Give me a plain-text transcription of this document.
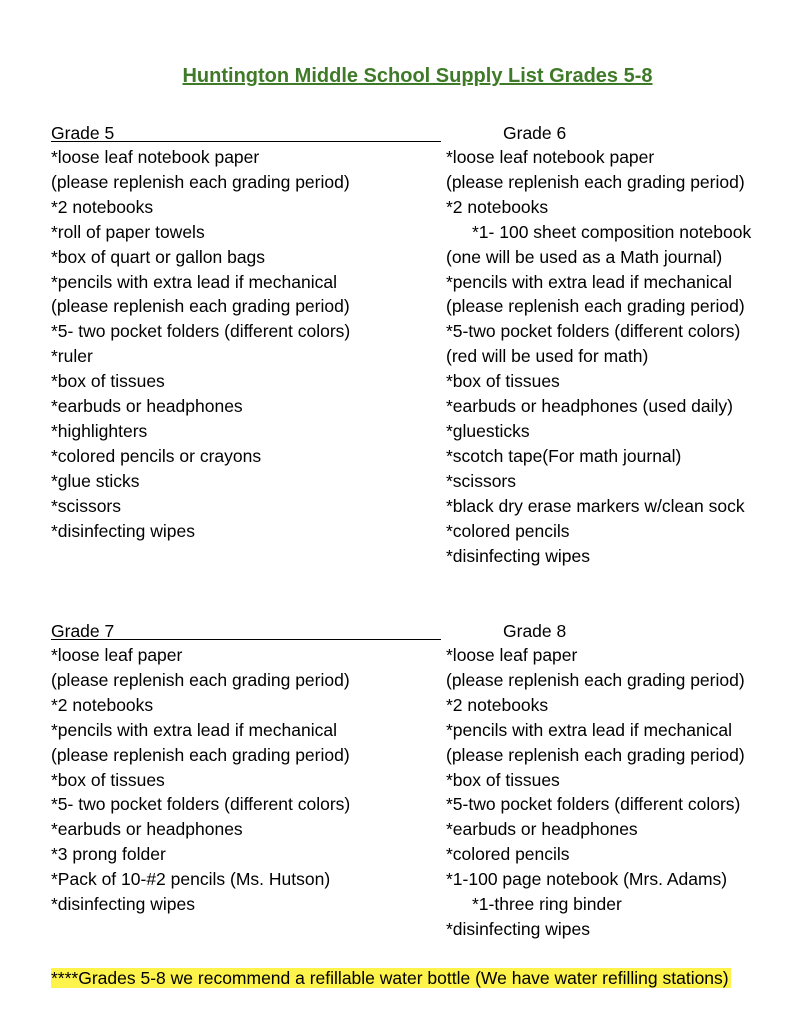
Huntington Middle School Supply List Grades 5-8
Grade 5	Grade 6
*loose leaf notebook paper
(please replenish each grading period)
*2 notebooks
*roll of paper towels
*box of quart or gallon bags
*pencils with extra lead if mechanical
(please replenish each grading period)
*5- two pocket folders (different colors)
*ruler
*box of tissues
*earbuds or headphones
*highlighters
*colored pencils or crayons
*glue sticks
*scissors
*disinfecting wipes
*loose leaf notebook paper
(please replenish each grading period)
*2 notebooks
*1- 100 sheet composition notebook
(one will be used as a Math journal)
*pencils with extra lead if mechanical
(please replenish each grading period)
*5-two pocket folders (different colors)
(red will be used for math)
*box of tissues
*earbuds or headphones (used daily)
*gluesticks
*scotch tape(For math journal)
*scissors
*black dry erase markers w/clean sock
*colored pencils
*disinfecting wipes
Grade 7	Grade 8
*loose leaf paper
(please replenish each grading period)
*2 notebooks
*pencils with extra lead if mechanical
(please replenish each grading period)
*box of tissues
*5- two pocket folders (different colors)
*earbuds or headphones
*3 prong folder
*Pack of 10-#2 pencils (Ms. Hutson)
*disinfecting wipes
*loose leaf paper
(please replenish each grading period)
*2 notebooks
*pencils with extra lead if mechanical
(please replenish each grading period)
*box of tissues
*5-two pocket folders (different colors)
*earbuds or headphones
*colored pencils
*1-100 page notebook (Mrs. Adams)
*1-three ring binder
*disinfecting wipes
****Grades 5-8 we recommend a refillable water bottle (We have water refilling stations)
